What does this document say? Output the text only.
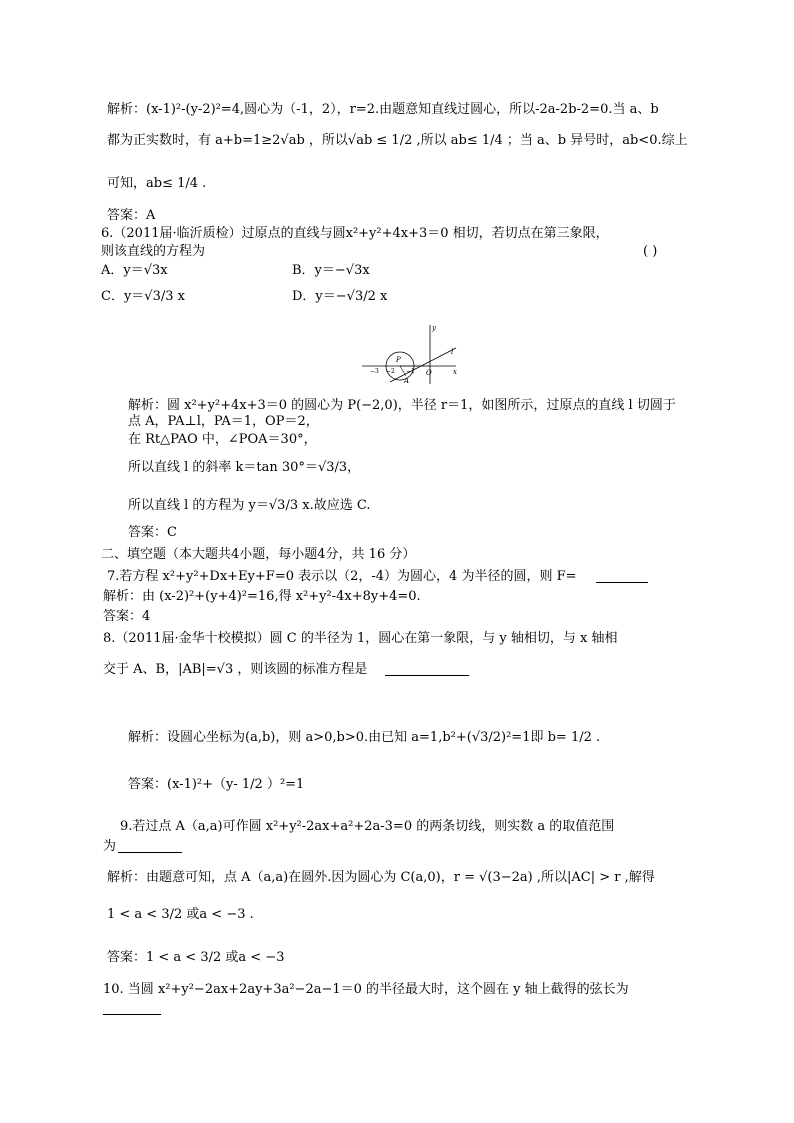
解析：(x-1)²-(y-2)²=4,圆心为（-1，2），r=2.由题意知直线过圆心，所以-2a-2b-2=0.当 a、b
都为正实数时，有 a+b=1≥2√ab ，所以√ab ≤ 1/2 ,所以 ab≤ 1/4 ；当 a、b 异号时，ab<0.综上
可知，ab≤ 1/4 .
答案：A
6.（2011届·临沂质检）过原点的直线与圆x²+y²+4x+3＝0 相切，若切点在第三象限，
则该直线的方程为
解析：圆 x²+y²+4x+3＝0 的圆心为 P(−2,0)，半径 r＝1，如图所示，过原点的直线 l 切圆于
点 A，PA⊥l，PA＝1，OP＝2，
在 Rt△PAO 中，∠POA＝30°，
所以直线 l 的斜率 k＝tan 30°＝√3/3，
所以直线 l 的方程为 y＝√3/3 x.故应选 C.
答案：C
二、填空题（本大题共4小题，每小题4分，共 16 分）
7.若方程 x²+y²+Dx+Ey+F=0 表示以（2，-4）为圆心，4 为半径的圆，则 F=
解析：由 (x-2)²+(y+4)²=16,得 x²+y²-4x+8y+4=0.
答案：4
8.（2011届·金华十校模拟）圆 C 的半径为 1，圆心在第一象限，与 y 轴相切，与 x 轴相
交于 A、B，|AB|=√3 ，则该圆的标准方程是
解析：设圆心坐标为(a,b)，则 a>0,b>0.由已知 a=1,b²+(√3/2)²=1即 b= 1/2 .
答案：(x-1)²+（y- 1/2 ）²=1
9.若过点 A（a,a)可作圆 x²+y²-2ax+a²+2a-3=0 的两条切线，则实数 a 的取值范围
为
解析：由题意可知，点 A（a,a)在圆外.因为圆心为 C(a,0)，r = √(3−2a) ,所以|AC| > r ,解得
1 < a < 3/2 或a < −3 .
答案：1 < a < 3/2 或a < −3
10. 当圆 x²+y²−2ax+2ay+3a²−2a−1＝0 的半径最大时，这个圆在 y 轴上截得的弦长为
A．y＝√3x	B．y＝−√3x
C．y＝√3/3 x	D．y＝−√3/2 x
( )
y
l
x
O
A
P
−3 −2 −1
